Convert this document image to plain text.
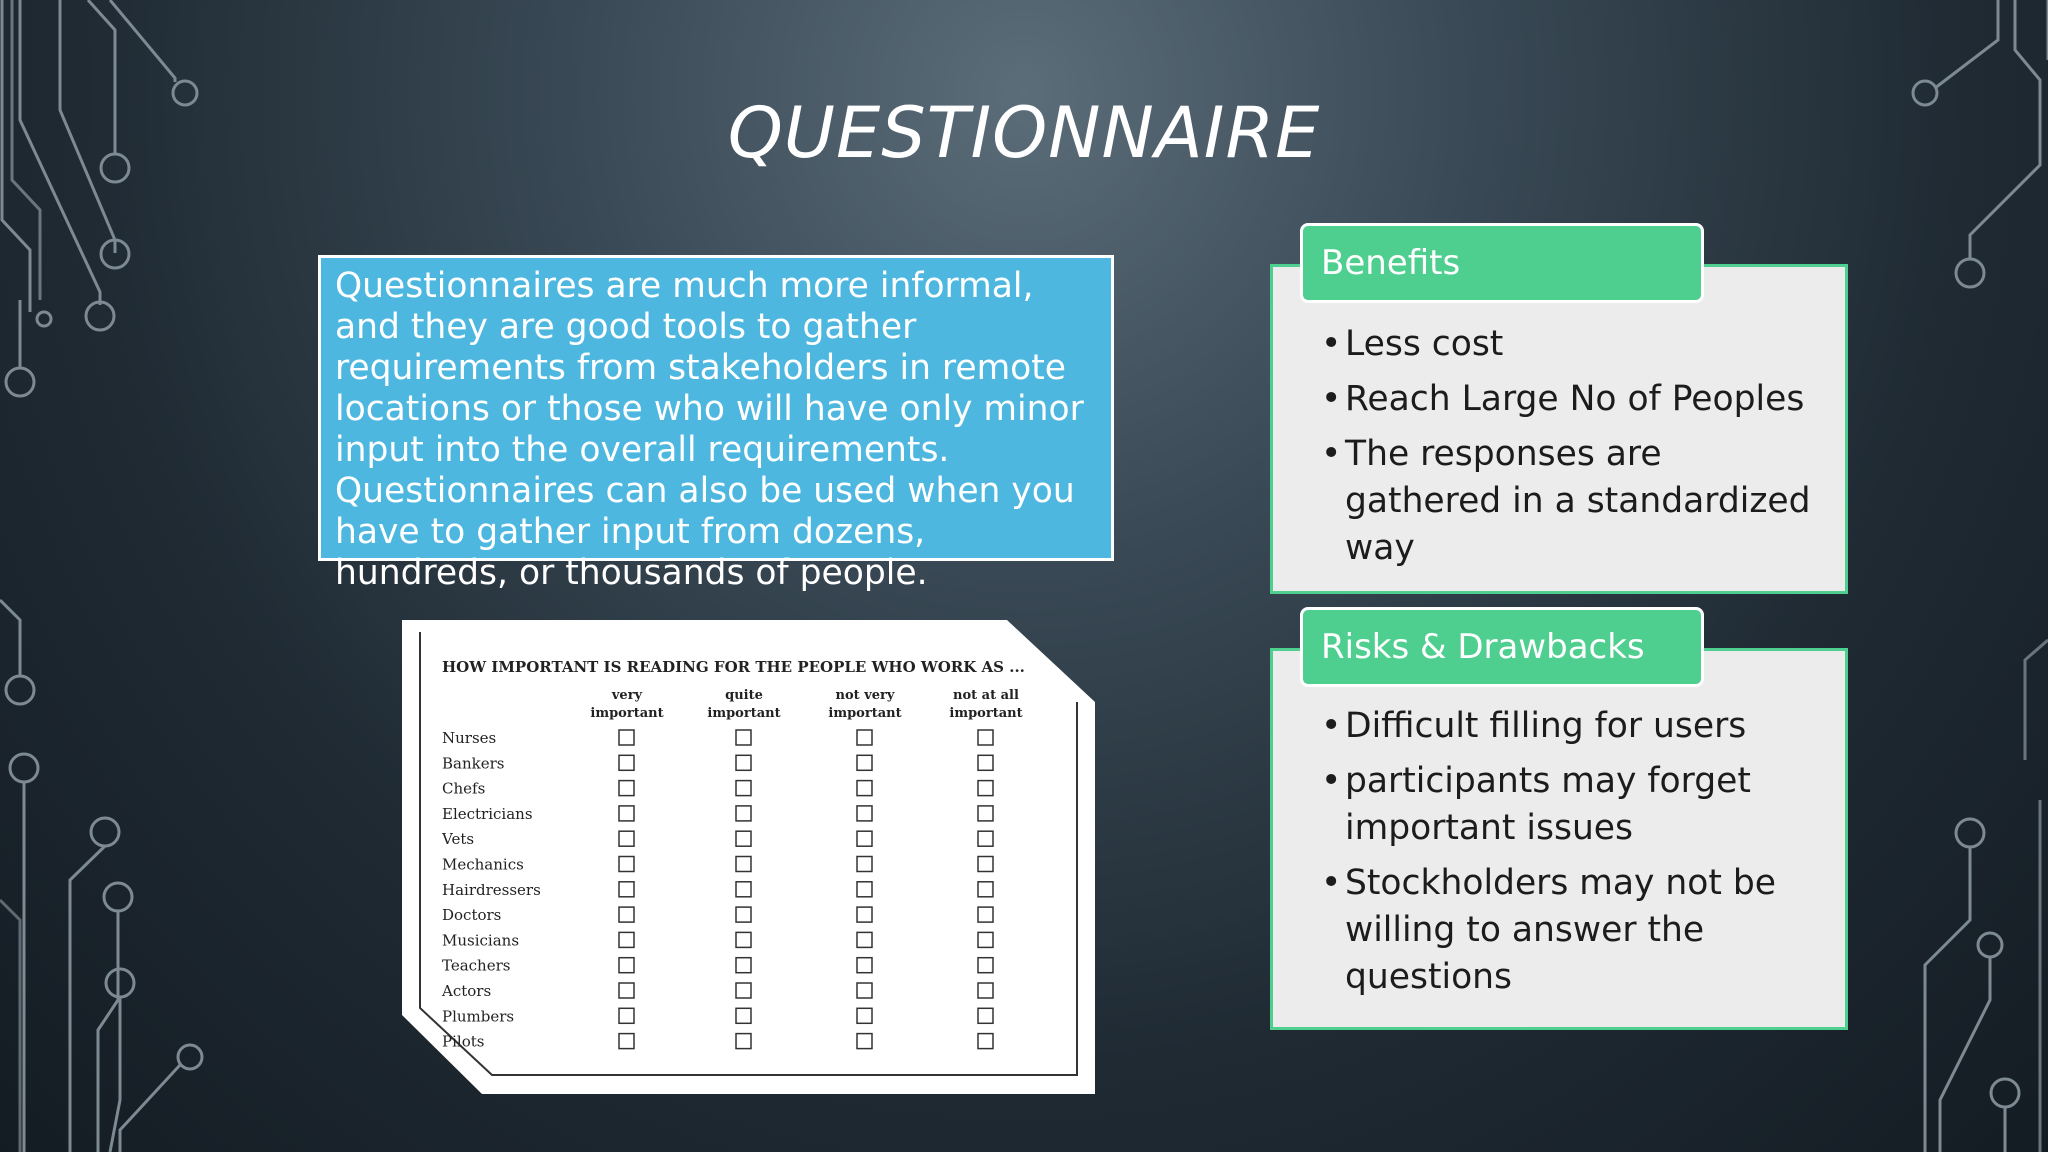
QUESTIONNAIRE
Questionnaires are much more informal, and they are good tools to gather requirements from stakeholders in remote locations or those who will have only minor input into the overall requirements. Questionnaires can also be used when you have to gather input from dozens, hundreds, or thousands of people.
HOW IMPORTANT IS READING FOR THE PEOPLE WHO WORK AS ...
very
important
quite
important
not very
important
not at all
important
Nurses
Bankers
Chefs
Electricians
Vets
Mechanics
Hairdressers
Doctors
Musicians
Teachers
Actors
Plumbers
Pilots
• Less cost
• Reach Large No of Peoples
• The responses are gathered in a standardized way
Benefits
• Difficult filling for users
• participants may forget important issues
• Stockholders may not be willing to answer the questions
Risks & Drawbacks
